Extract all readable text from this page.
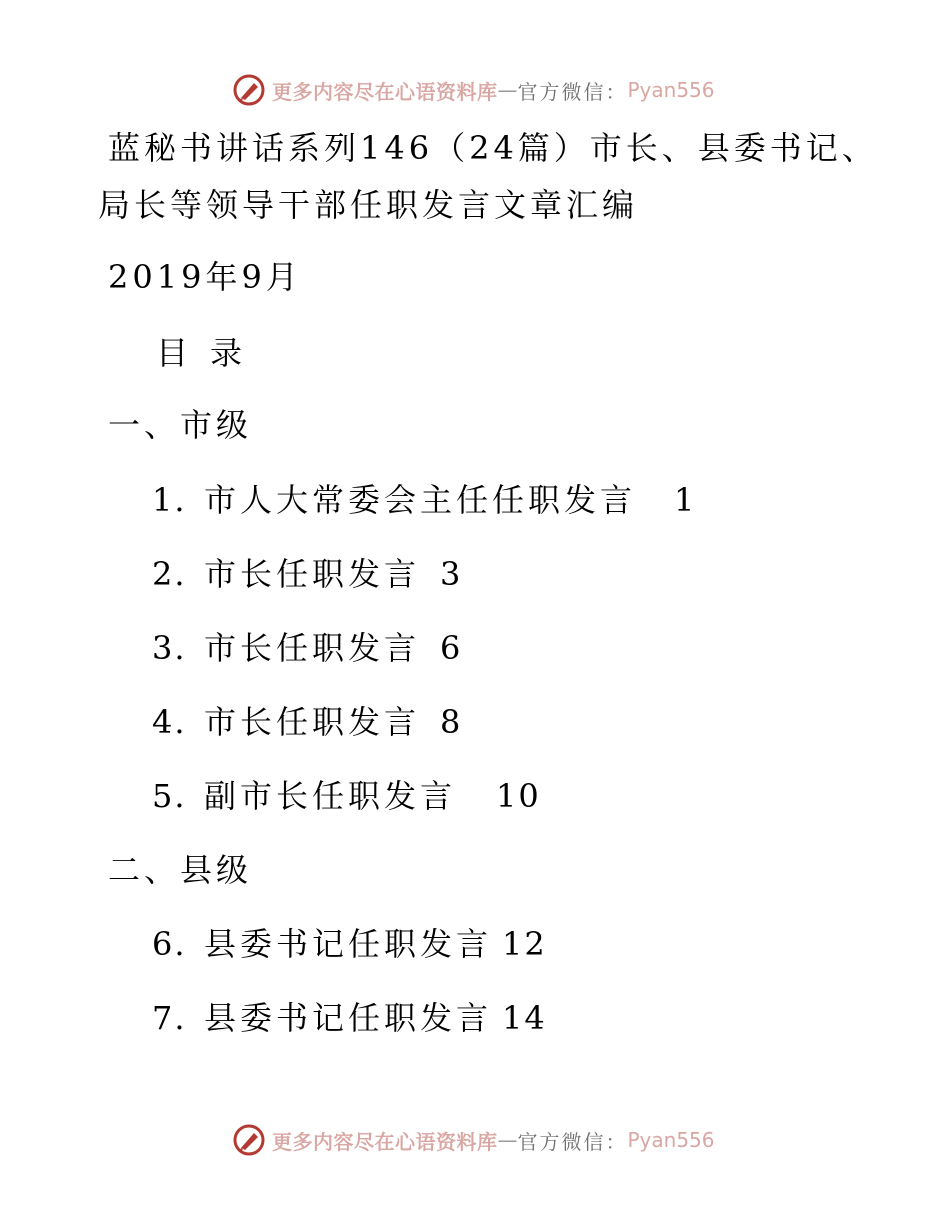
更多内容尽在心语资料库 — 官方微信： Pyan556
蓝秘书讲话系列146（24篇）市长、县委书记、
局长等领导干部任职发言文章汇编
2019年9月
目录
一、市级
1. 市人大常委会主任任职发言 1
2. 市长任职发言 3
3. 市长任职发言 6
4. 市长任职发言 8
5. 副市长任职发言 10
二、县级
6. 县委书记任职发言 12
7. 县委书记任职发言 14
更多内容尽在心语资料库 — 官方微信： Pyan556
